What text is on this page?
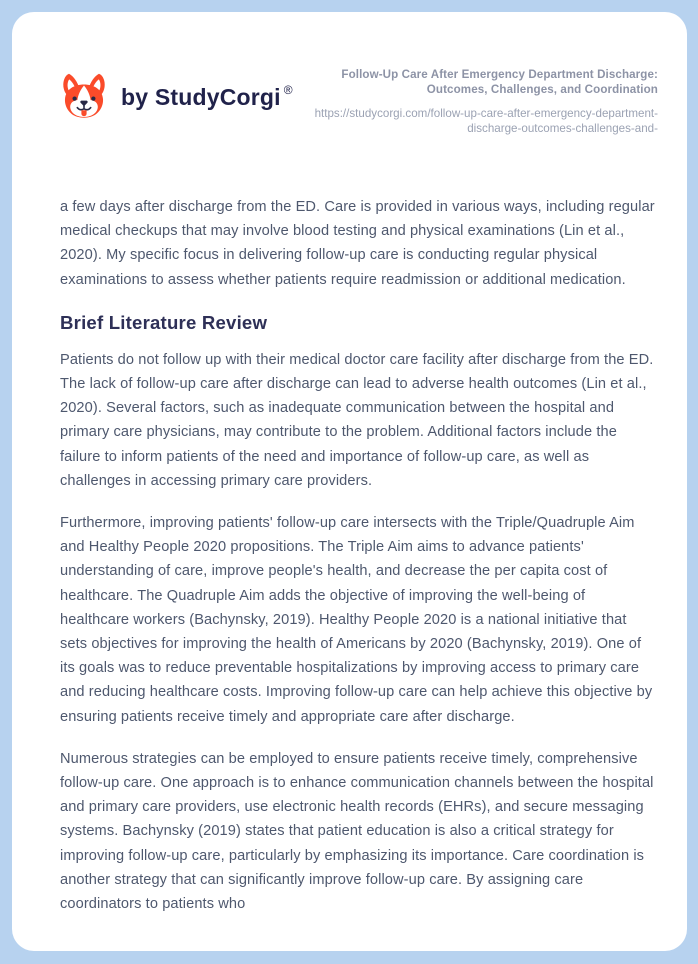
by StudyCorgi ®
Follow-Up Care After Emergency Department Discharge: Outcomes, Challenges, and Coordination
https://studycorgi.com/follow-up-care-after-emergency-department-discharge-outcomes-challenges-and-

a few days after discharge from the ED. Care is provided in various ways, including regular medical checkups that may involve blood testing and physical examinations (Lin et al., 2020). My specific focus in delivering follow-up care is conducting regular physical examinations to assess whether patients require readmission or additional medication.

Brief Literature Review

Patients do not follow up with their medical doctor care facility after discharge from the ED. The lack of follow-up care after discharge can lead to adverse health outcomes (Lin et al., 2020). Several factors, such as inadequate communication between the hospital and primary care physicians, may contribute to the problem. Additional factors include the failure to inform patients of the need and importance of follow-up care, as well as challenges in accessing primary care providers.

Furthermore, improving patients' follow-up care intersects with the Triple/Quadruple Aim and Healthy People 2020 propositions. The Triple Aim aims to advance patients' understanding of care, improve people's health, and decrease the per capita cost of healthcare. The Quadruple Aim adds the objective of improving the well-being of healthcare workers (Bachynsky, 2019). Healthy People 2020 is a national initiative that sets objectives for improving the health of Americans by 2020 (Bachynsky, 2019). One of its goals was to reduce preventable hospitalizations by improving access to primary care and reducing healthcare costs. Improving follow-up care can help achieve this objective by ensuring patients receive timely and appropriate care after discharge.

Numerous strategies can be employed to ensure patients receive timely, comprehensive follow-up care. One approach is to enhance communication channels between the hospital and primary care providers, use electronic health records (EHRs), and secure messaging systems. Bachynsky (2019) states that patient education is also a critical strategy for improving follow-up care, particularly by emphasizing its importance. Care coordination is another strategy that can significantly improve follow-up care. By assigning care coordinators to patients who
